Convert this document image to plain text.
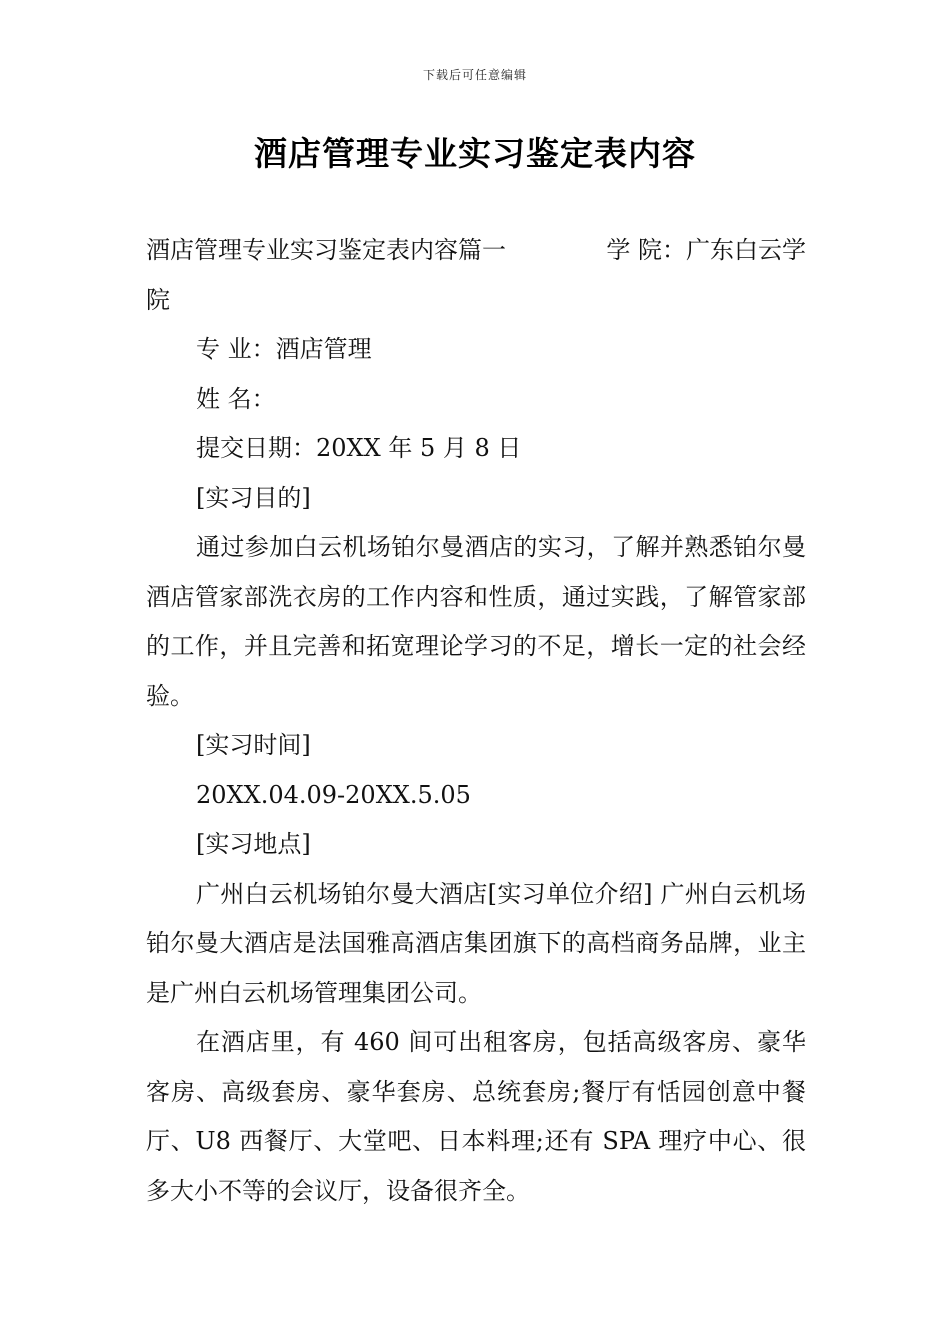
下载后可任意编辑
酒店管理专业实习鉴定表内容

酒店管理专业实习鉴定表内容篇一	学 院：广东白云学

院

专 业：酒店管理

姓 名：

提交日期：20XX 年 5 月 8 日

[实习目的]

通过参加白云机场铂尔曼酒店的实习，了解并熟悉铂尔曼酒店管家部洗衣房的工作内容和性质，通过实践，了解管家部的工作，并且完善和拓宽理论学习的不足，增长一定的社会经验。

[实习时间]

20XX.04.09-20XX.5.05

[实习地点]

广州白云机场铂尔曼大酒店[实习单位介绍] 广州白云机场铂尔曼大酒店是法国雅高酒店集团旗下的高档商务品牌，业主是广州白云机场管理集团公司。

在酒店里，有 460 间可出租客房，包括高级客房、豪华客房、高级套房、豪华套房、总统套房;餐厅有恬园创意中餐厅、U8 西餐厅、大堂吧、日本料理;还有 SPA 理疗中心、很多大小不等的会议厅，设备很齐全。
